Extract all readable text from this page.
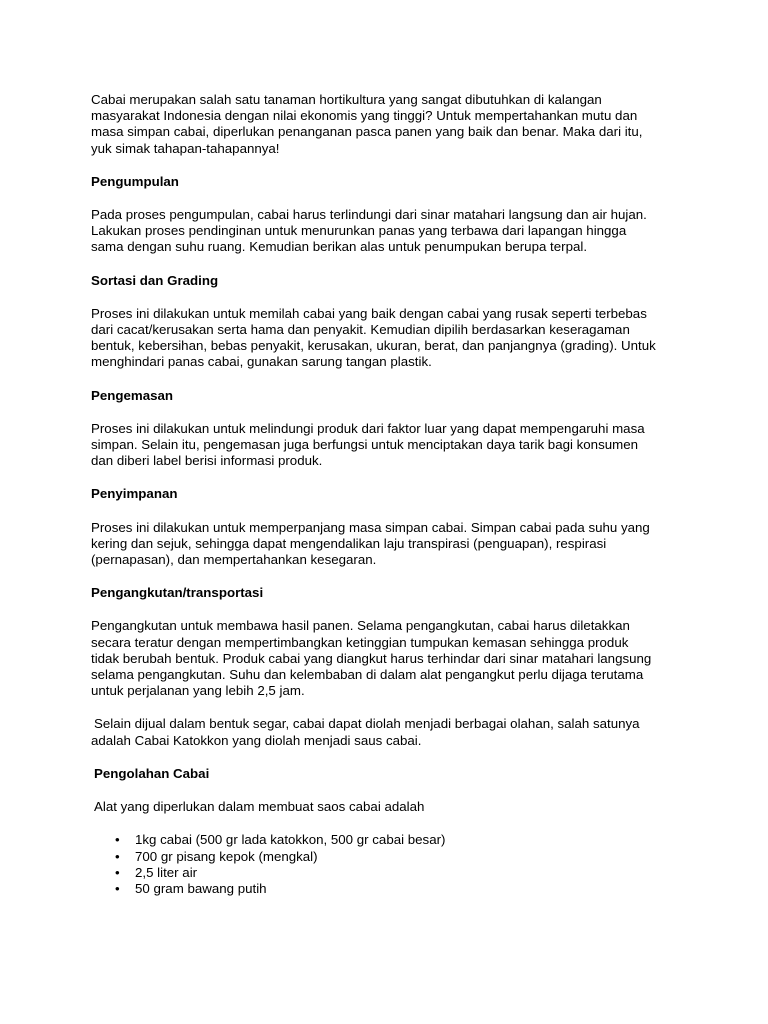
Cabai merupakan salah satu tanaman hortikultura yang sangat dibutuhkan di kalangan
masyarakat Indonesia dengan nilai ekonomis yang tinggi? Untuk mempertahankan mutu dan
masa simpan cabai, diperlukan penanganan pasca panen yang baik dan benar. Maka dari itu,
yuk simak tahapan-tahapannya!
Pengumpulan
Pada proses pengumpulan, cabai harus terlindungi dari sinar matahari langsung dan air hujan.
Lakukan proses pendinginan untuk menurunkan panas yang terbawa dari lapangan hingga
sama dengan suhu ruang. Kemudian berikan alas untuk penumpukan berupa terpal.
Sortasi dan Grading
Proses ini dilakukan untuk memilah cabai yang baik dengan cabai yang rusak seperti terbebas
dari cacat/kerusakan serta hama dan penyakit. Kemudian dipilih berdasarkan keseragaman
bentuk, kebersihan, bebas penyakit, kerusakan, ukuran, berat, dan panjangnya (grading). Untuk
menghindari panas cabai, gunakan sarung tangan plastik.
Pengemasan
Proses ini dilakukan untuk melindungi produk dari faktor luar yang dapat mempengaruhi masa
simpan. Selain itu, pengemasan juga berfungsi untuk menciptakan daya tarik bagi konsumen
dan diberi label berisi informasi produk.
Penyimpanan
Proses ini dilakukan untuk memperpanjang masa simpan cabai. Simpan cabai pada suhu yang
kering dan sejuk, sehingga dapat mengendalikan laju transpirasi (penguapan), respirasi
(pernapasan), dan mempertahankan kesegaran.
Pengangkutan/transportasi
Pengangkutan untuk membawa hasil panen. Selama pengangkutan, cabai harus diletakkan
secara teratur dengan mempertimbangkan ketinggian tumpukan kemasan sehingga produk
tidak berubah bentuk. Produk cabai yang diangkut harus terhindar dari sinar matahari langsung
selama pengangkutan. Suhu dan kelembaban di dalam alat pengangkut perlu dijaga terutama
untuk perjalanan yang lebih 2,5 jam.
Selain dijual dalam bentuk segar, cabai dapat diolah menjadi berbagai olahan, salah satunya
adalah Cabai Katokkon yang diolah menjadi saus cabai.
Pengolahan Cabai
Alat yang diperlukan dalam membuat saos cabai adalah
• 1kg cabai (500 gr lada katokkon, 500 gr cabai besar)
• 700 gr pisang kepok (mengkal)
• 2,5 liter air
• 50 gram bawang putih
